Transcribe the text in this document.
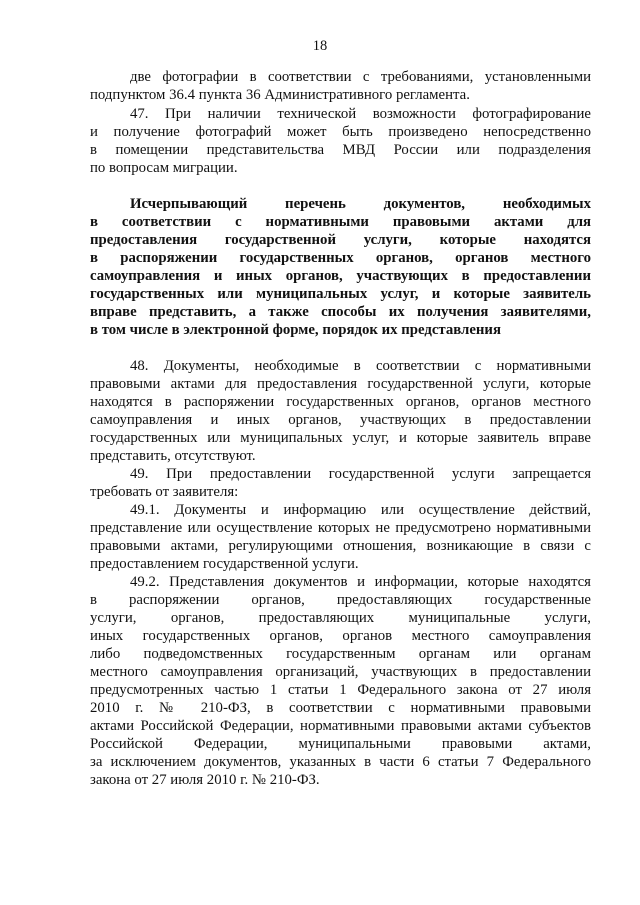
18
две фотографии в соответствии с требованиями, установленными
подпунктом 36.4 пункта 36 Административного регламента.
47. При наличии технической возможности фотографирование
и получение фотографий может быть произведено непосредственно
в помещении представительства МВД России или подразделения
по вопросам миграции.
Исчерпывающий перечень документов, необходимых
в соответствии с нормативными правовыми актами для
предоставления государственной услуги, которые находятся
в распоряжении государственных органов, органов местного
самоуправления и иных органов, участвующих в предоставлении
государственных или муниципальных услуг, и которые заявитель
вправе представить, а также способы их получения заявителями,
в том числе в электронной форме, порядок их представления
48. Документы, необходимые в соответствии с нормативными
правовыми актами для предоставления государственной услуги, которые
находятся в распоряжении государственных органов, органов местного
самоуправления и иных органов, участвующих в предоставлении
государственных или муниципальных услуг, и которые заявитель вправе
представить, отсутствуют.
49. При предоставлении государственной услуги запрещается
требовать от заявителя:
49.1. Документы и информацию или осуществление действий,
представление или осуществление которых не предусмотрено нормативными
правовыми актами, регулирующими отношения, возникающие в связи с
предоставлением государственной услуги.
49.2. Представления документов и информации, которые находятся
в распоряжении органов, предоставляющих государственные
услуги, органов, предоставляющих муниципальные услуги,
иных государственных органов, органов местного самоуправления
либо подведомственных государственным органам или органам
местного самоуправления организаций, участвующих в предоставлении
предусмотренных частью 1 статьи 1 Федерального закона от 27 июля
2010 г. № 210-ФЗ, в соответствии с нормативными правовыми
актами Российской Федерации, нормативными правовыми актами субъектов
Российской Федерации, муниципальными правовыми актами,
за исключением документов, указанных в части 6 статьи 7 Федерального
закона от 27 июля 2010 г. № 210-ФЗ.
